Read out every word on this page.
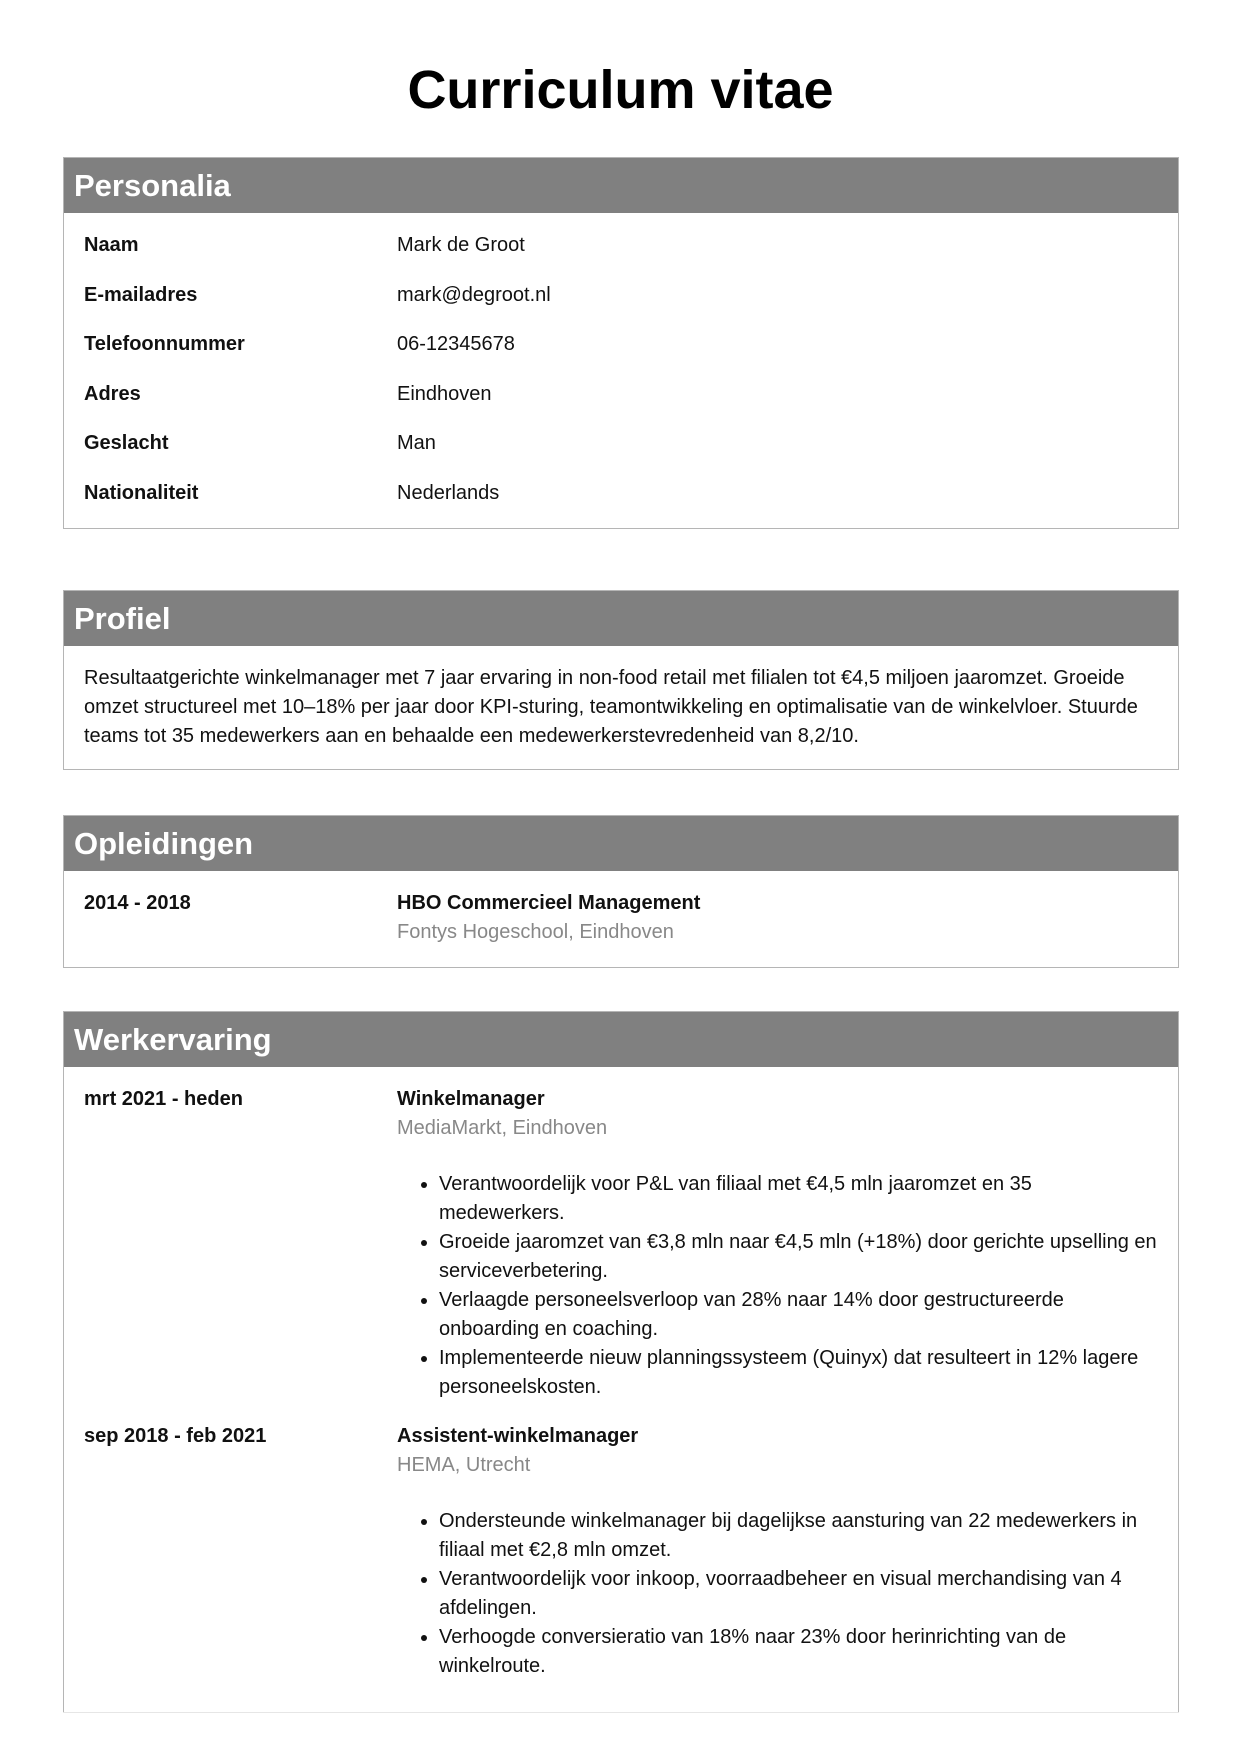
Curriculum vitae
Personalia
Naam	Mark de Groot
E-mailadres	mark@degroot.nl
Telefoonnummer	06-12345678
Adres	Eindhoven
Geslacht	Man
Nationaliteit	Nederlands
Profiel
Resultaatgerichte winkelmanager met 7 jaar ervaring in non-food retail met filialen tot €4,5 miljoen jaaromzet. Groeide omzet structureel met 10–18% per jaar door KPI-sturing, teamontwikkeling en optimalisatie van de winkelvloer. Stuurde teams tot 35 medewerkers aan en behaalde een medewerkerstevredenheid van 8,2/10.
Opleidingen
2014 - 2018	HBO Commercieel Management
Fontys Hogeschool, Eindhoven
Werkervaring
mrt 2021 - heden	Winkelmanager
MediaMarkt, Eindhoven
• Verantwoordelijk voor P&L van filiaal met €4,5 mln jaaromzet en 35 medewerkers.
• Groeide jaaromzet van €3,8 mln naar €4,5 mln (+18%) door gerichte upselling en serviceverbetering.
• Verlaagde personeelsverloop van 28% naar 14% door gestructureerde onboarding en coaching.
• Implementeerde nieuw planningssysteem (Quinyx) dat resulteert in 12% lagere personeelskosten.
sep 2018 - feb 2021	Assistent-winkelmanager
HEMA, Utrecht
• Ondersteunde winkelmanager bij dagelijkse aansturing van 22 medewerkers in filiaal met €2,8 mln omzet.
• Verantwoordelijk voor inkoop, voorraadbeheer en visual merchandising van 4 afdelingen.
• Verhoogde conversieratio van 18% naar 23% door herinrichting van de winkelroute.
